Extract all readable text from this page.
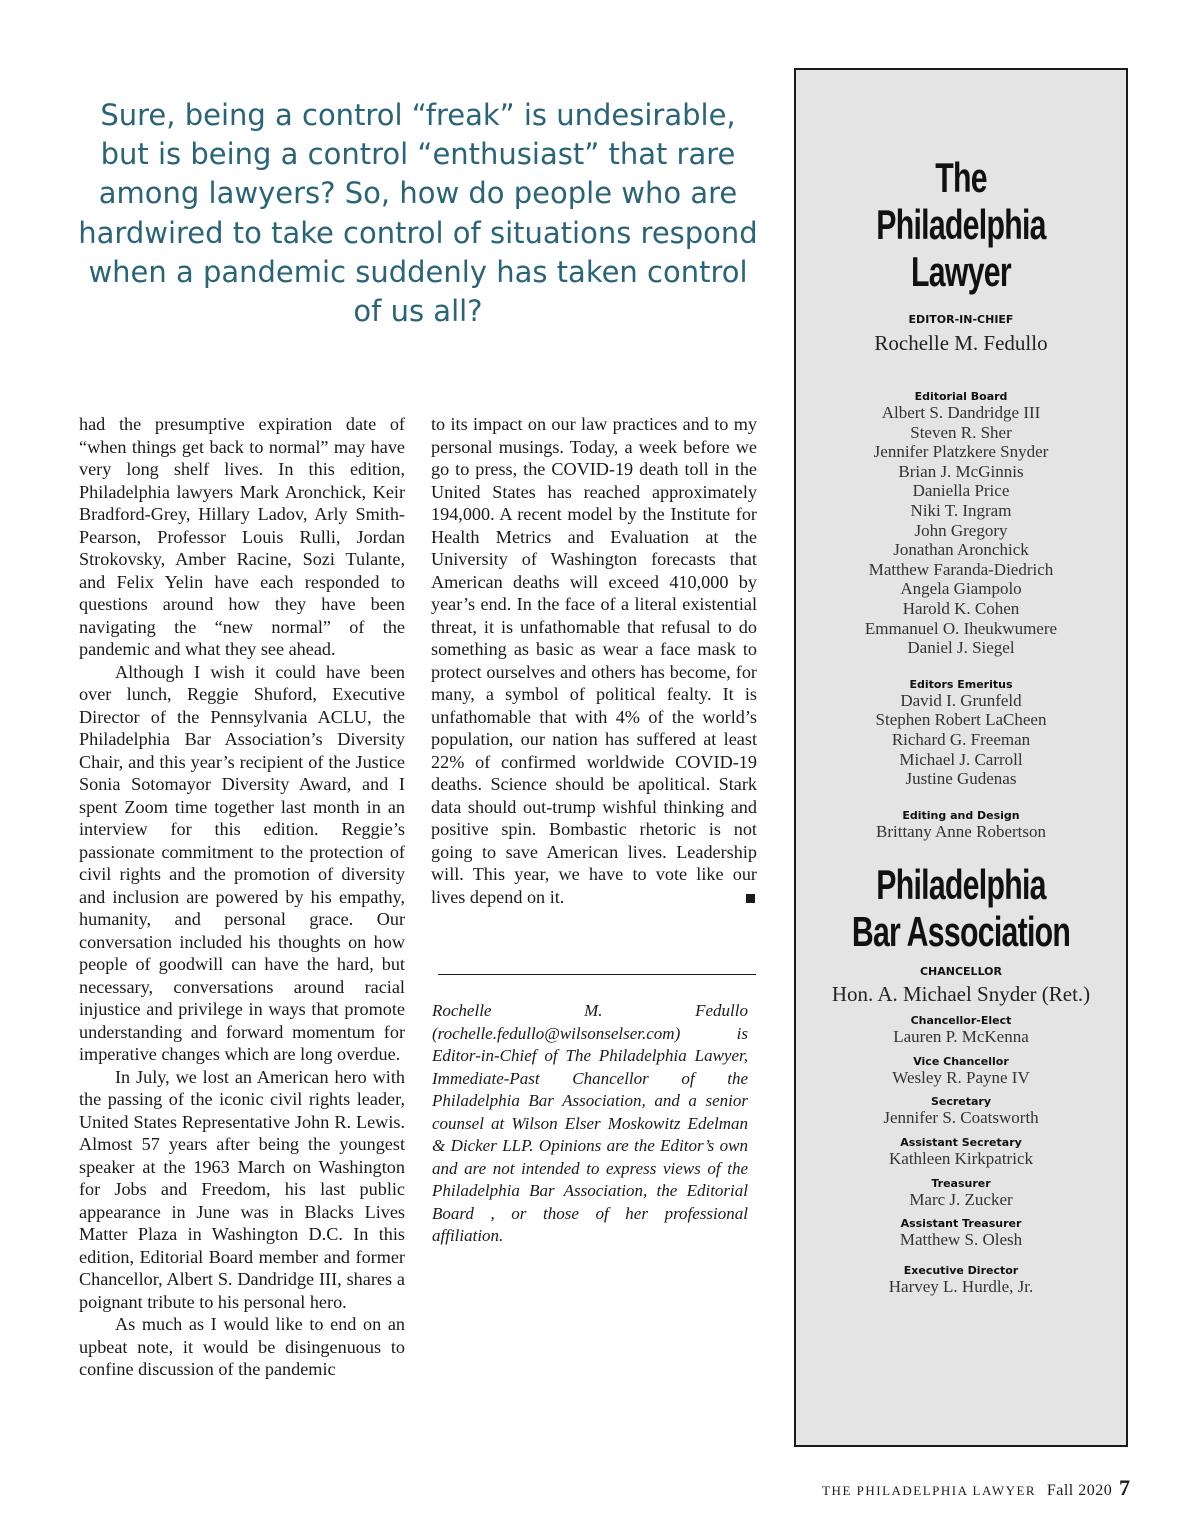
Sure, being a control “freak” is undesirable, but is being a control “enthusiast” that rare among lawyers? So, how do people who are hardwired to take control of situations respond when a pandemic suddenly has taken control of us all?

had the presumptive expiration date of “when things get back to normal” may have very long shelf lives. In this edition, Philadelphia lawyers Mark Aronchick, Keir Bradford-Grey, Hillary Ladov, Arly Smith-Pearson, Professor Louis Rulli, Jordan Strokovsky, Amber Racine, Sozi Tulante, and Felix Yelin have each responded to questions around how they have been navigating the “new normal” of the pandemic and what they see ahead.

Although I wish it could have been over lunch, Reggie Shuford, Executive Director of the Pennsylvania ACLU, the Philadelphia Bar Association’s Diversity Chair, and this year’s recipient of the Justice Sonia Sotomayor Diversity Award, and I spent Zoom time together last month in an interview for this edition. Reggie’s passionate commitment to the protection of civil rights and the promotion of diversity and inclusion are powered by his empathy, humanity, and personal grace. Our conversation included his thoughts on how people of goodwill can have the hard, but necessary, conversations around racial injustice and privilege in ways that promote understanding and forward momentum for imperative changes which are long overdue.

In July, we lost an American hero with the passing of the iconic civil rights leader, United States Representative John R. Lewis. Almost 57 years after being the youngest speaker at the 1963 March on Washington for Jobs and Freedom, his last public appearance in June was in Blacks Lives Matter Plaza in Washington D.C. In this edition, Editorial Board member and former Chancellor, Albert S. Dandridge III, shares a poignant tribute to his personal hero.

As much as I would like to end on an upbeat note, it would be disingenuous to confine discussion of the pandemic

to its impact on our law practices and to my personal musings. Today, a week before we go to press, the COVID-19 death toll in the United States has reached approximately 194,000. A recent model by the Institute for Health Metrics and Evaluation at the University of Washington forecasts that American deaths will exceed 410,000 by year’s end. In the face of a literal existential threat, it is unfathomable that refusal to do something as basic as wear a face mask to protect ourselves and others has become, for many, a symbol of political fealty. It is unfathomable that with 4% of the world’s population, our nation has suffered at least 22% of confirmed worldwide COVID-19 deaths. Science should be apolitical. Stark data should out-trump wishful thinking and positive spin. Bombastic rhetoric is not going to save American lives. Leadership will. This year, we have to vote like our lives depend on it.

Rochelle M. Fedullo (rochelle.fedullo@wilsonselser.com) is Editor-in-Chief of The Philadelphia Lawyer, Immediate-Past Chancellor of the Philadelphia Bar Association, and a senior counsel at Wilson Elser Moskowitz Edelman & Dicker LLP. Opinions are the Editor’s own and are not intended to express views of the Philadelphia Bar Association, the Editorial Board , or those of her professional affiliation.

The

Philadelphia

Lawyer

EDITOR-IN-CHIEF

Rochelle M. Fedullo

Editorial Board

Albert S. Dandridge III
Steven R. Sher
Jennifer Platzkere Snyder
Brian J. McGinnis
Daniella Price
Niki T. Ingram
John Gregory
Jonathan Aronchick
Matthew Faranda-Diedrich
Angela Giampolo
Harold K. Cohen
Emmanuel O. Iheukwumere
Daniel J. Siegel

Editors Emeritus

David I. Grunfeld
Stephen Robert LaCheen
Richard G. Freeman
Michael J. Carroll
Justine Gudenas

Editing and Design

Brittany Anne Robertson

Philadelphia

Bar Association

CHANCELLOR

Hon. A. Michael Snyder (Ret.)

Chancellor-Elect

Lauren P. McKenna

Vice Chancellor

Wesley R. Payne IV

Secretary

Jennifer S. Coatsworth

Assistant Secretary

Kathleen Kirkpatrick

Treasurer

Marc J. Zucker

Assistant Treasurer

Matthew S. Olesh

Executive Director

Harvey L. Hurdle, Jr.

THE PHILADELPHIA LAWYER Fall 2020 7
